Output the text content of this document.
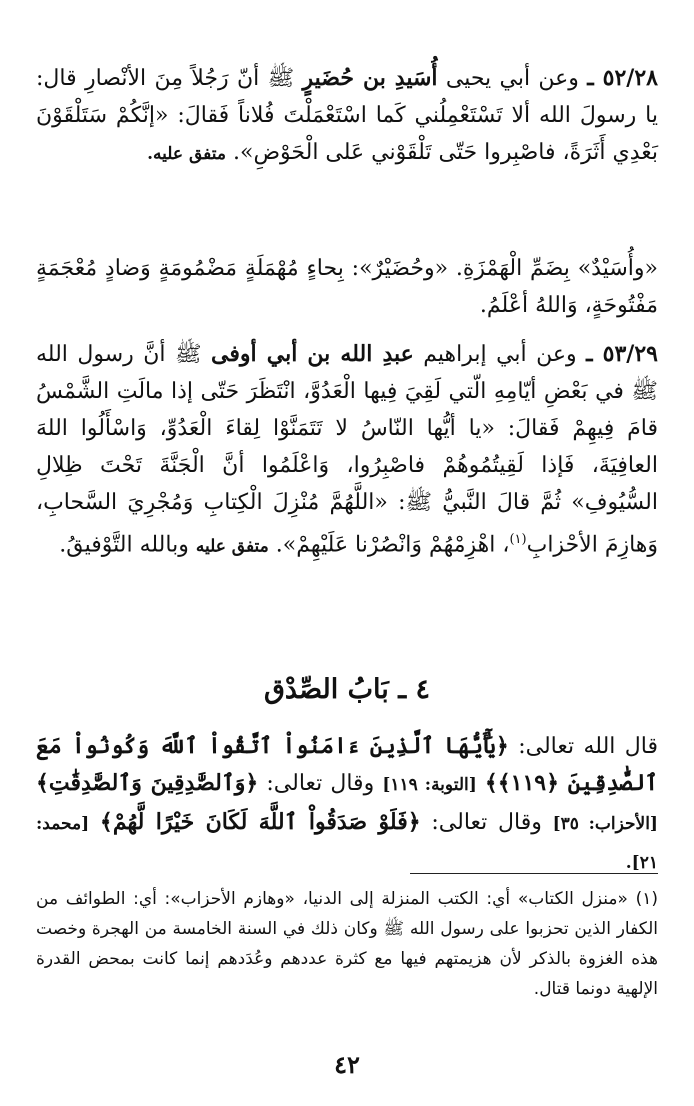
٥٢/٢٨ ـ وعن أبي يحيى أُسَيدِ بن حُضَيرٍ ﷺ أنّ رَجُلاً مِنَ الأنْصارِ قال: يا رسولَ الله ألا تَسْتَعْمِلُني كَما اسْتَعْمَلْتَ فُلاناً فَقالَ: «إنَّكُمْ سَتَلْقَوْنَ بَعْدِي أَثَرَةً، فاصْبِروا حَتّى تَلْقَوْني عَلى الْحَوْضِ». متفق عليه.

«وأُسَيْدٌ» بِضَمِّ الْهَمْزَةِ. «وحُضَيْرٌ»: بِحاءٍ مُهْمَلَةٍ مَضْمُومَةٍ وَضادٍ مُعْجَمَةٍ مَفْتُوحَةٍ، وَاللهُ أعْلَمُ.

٥٣/٢٩ ـ وعن أبي إبراهيم عبدِ الله بن أبي أوفى ﷺ أنَّ رسول الله ﷺ في بَعْضِ أيّامِهِ الّتي لَقِيَ فِيها الْعَدُوَّ، انْتَظَرَ حَتّى إذا مالَتِ الشَّمْسُ قامَ فِيهِمْ فَقالَ: «يا أيُّها النّاسُ لا تَتَمَنَّوْا لِقاءَ الْعَدُوِّ، وَاسْأَلُوا اللهَ العافِيَةَ، فَإذا لَقِيتُمُوهُمْ فاصْبِرُوا، وَاعْلَمُوا أنَّ الْجَنَّةَ تَحْتَ ظِلالِ السُّيُوفِ» ثُمَّ قالَ النَّبيُّ ﷺ: «اللَّهُمَّ مُنْزِلَ الْكِتابِ وَمُجْرِيَ السَّحابِ، وَهازِمَ الأحْزابِ$^{(١)}$، اهْزِمْهُمْ وَانْصُرْنا عَلَيْهِمْ». متفق عليه وبالله التَّوْفيقُ.

٤ ـ بَابُ الصِّدْق

قال الله تعالى: ﴿يَٰٓأَيُّهَا ٱلَّذِينَ ءَامَنُواْ ٱتَّقُواْ ٱللَّهَ وَكُونُواْ مَعَ ٱلصَّٰدِقِينَ ﴿١١٩﴾﴾ [التوبة: ١١٩] وقال تعالى: ﴿وَٱلصَّٰدِقِينَ وَٱلصَّٰدِقَٰتِ﴾ [الأحزاب: ٣٥] وقال تعالى: ﴿فَلَوْ صَدَقُواْ ٱللَّهَ لَكَانَ خَيْرًا لَّهُمْ﴾ [محمد: ٢١].

(١) «منزل الكتاب» أي: الكتب المنزلة إلى الدنيا، «وهازم الأحزاب»: أي: الطوائف من الكفار الذين تحزبوا على رسول الله ﷺ وكان ذلك في السنة الخامسة من الهجرة وخصت هذه الغزوة بالذكر لأن هزيمتهم فيها مع كثرة عددهم وعُدَدهم إنما كانت بمحض القدرة الإلهية دونما قتال.

٤٢
